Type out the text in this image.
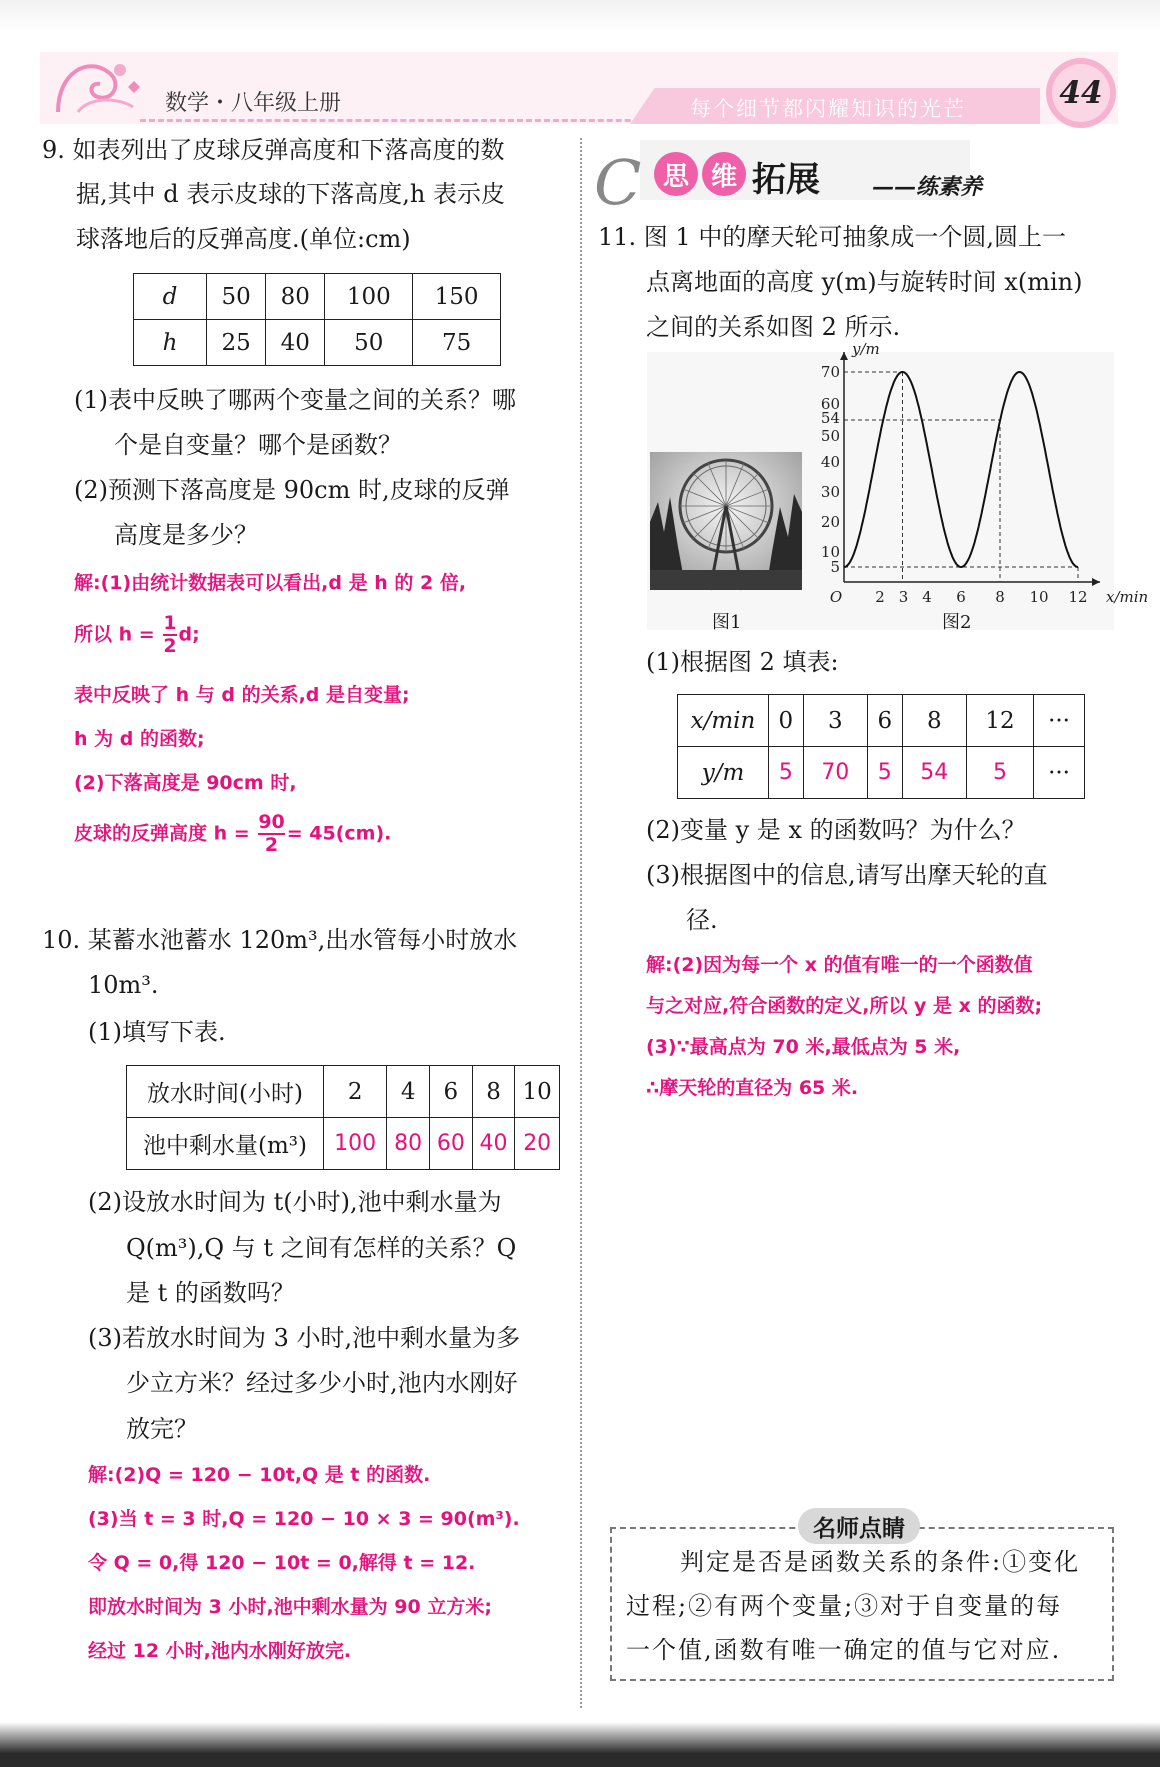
数学・八年级上册	每个细节都闪耀知识的光芒	44
9. 如表列出了皮球反弹高度和下落高度的数
据,其中 d 表示皮球的下落高度,h 表示皮
球落地后的反弹高度.(单位:cm)
d	50	80	100	150
h	25	40	50	75
(1)表中反映了哪两个变量之间的关系？哪
个是自变量？哪个是函数？
(2)预测下落高度是 90cm 时,皮球的反弹
高度是多少？
解:(1)由统计数据表可以看出,d 是 h 的 2 倍,
所以 $h = \frac{1}{2} d$;
表中反映了 h 与 d 的关系,d 是自变量;
h 为 d 的函数;
(2)下落高度是 90cm 时,
皮球的反弹高度 $h = \frac{90}{2} = 45(cm)$.
10. 某蓄水池蓄水 120m³,出水管每小时放水
10m³.
(1)填写下表.
放水时间(小时)	2	4	6	8	10
池中剩水量(m³)	100	80	60	40	20
(2)设放水时间为 t(小时),池中剩水量为
Q(m³),Q 与 t 之间有怎样的关系？Q
是 t 的函数吗？
(3)若放水时间为 3 小时,池中剩水量为多
少立方米？经过多少小时,池内水刚好
放完？
解:(2)Q = 120 − 10t,Q 是 t 的函数.
(3)当 t = 3 时,Q = 120 − 10 × 3 = 90(m³).
令 Q = 0,得 120 − 10t = 0,解得 t = 12.
即放水时间为 3 小时,池中剩水量为 90 立方米;
经过 12 小时,池内水刚好放完.
C 思 维 拓展 ——练素养
11. 图 1 中的摩天轮可抽象成一个圆,圆上一
点离地面的高度 y(m)与旋转时间 x(min)
之间的关系如图 2 所示.
图1
5
10
20
30
40
50
54
60
70
2 3 4 6 8 10 12
O	x/min
y/m
图2
(1)根据图 2 填表:
x/min	0	3	6	8	12	···
y/m	5	70	5	54	5	···
(2)变量 y 是 x 的函数吗？为什么？
(3)根据图中的信息,请写出摩天轮的直
径.
解:(2)因为每一个 x 的值有唯一的一个函数值
与之对应,符合函数的定义,所以 y 是 x 的函数;
(3)∵最高点为 70 米,最低点为 5 米,
∴摩天轮的直径为 65 米.
名师点睛
判定是否是函数关系的条件:①变化
过程;②有两个变量;③对于自变量的每
一个值,函数有唯一确定的值与它对应.
